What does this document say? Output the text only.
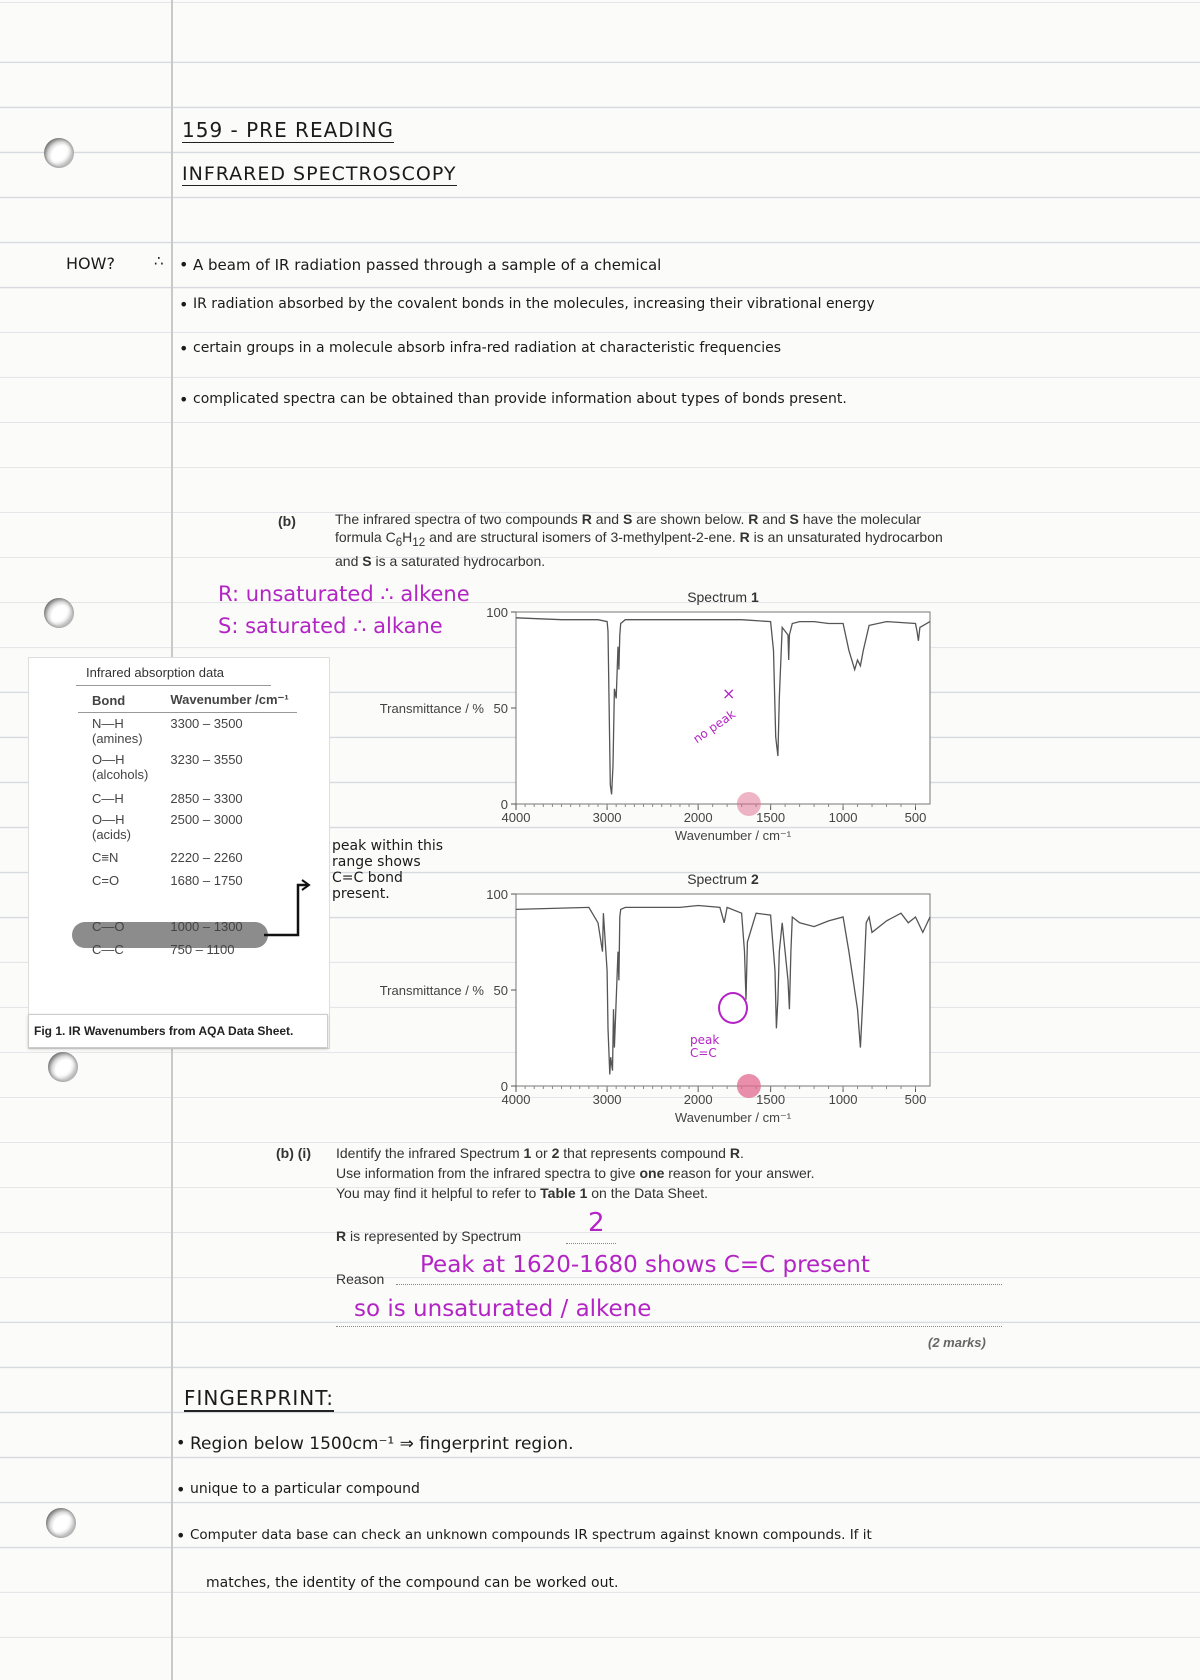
159 - PRE READING
INFRARED SPECTROSCOPY
HOW?	∴ • A beam of IR radiation passed through a sample of a chemical
• IR radiation absorbed by the covalent bonds in the molecules, increasing their vibrational energy
• certain groups in a molecule absorb infra-red radiation at characteristic frequencies
• complicated spectra can be obtained than provide information about types of bonds present.
(b)	The infrared spectra of two compounds R and S are shown below. R and S have the molecular formula $C_6H_{12}$ and are structural isomers of 3-methylpent-2-ene. R is an unsaturated hydrocarbon and S is a saturated hydrocarbon.
R: unsaturated ∴ alkene
S: saturated ∴ alkane
Infrared absorption data
Bond	Wavenumber /cm⁻¹

N—H
(amines)	3300 – 3500

O—H
(alcohols)	3230 – 3550
C—H	2850 – 3300

O—H
(acids)	2500 – 3000
C≡N	2220 – 2260
C=O	1680 – 1750
C=C	1620 – 1680
C—O	1000 – 1300
C—C	750 – 1100
Fig 1. IR Wavenumbers from AQA Data Sheet.
peak within this range shows C=C bond present.
Spectrum 1
0
50
100
Transmittance / %
4000	3000	2000	1500	1000	500
Wavenumber / cm⁻¹
Spectrum 2
0
50
100
Transmittance / %
4000	3000	2000	1500	1000	500
Wavenumber / cm⁻¹
×
no peak
peak C=C
(b) (i) Identify the infrared Spectrum 1 or 2 that represents compound R.
Use information from the infrared spectra to give one reason for your answer.
You may find it helpful to refer to Table 1 on the Data Sheet.
R is represented by Spectrum	2
Reason
Peak at 1620-1680 shows C=C present
so is unsaturated / alkene
(2 marks)
FINGERPRINT:
• Region below 1500cm⁻¹ ⇒ fingerprint region.
• unique to a particular compound
• Computer data base can check an unknown compounds IR spectrum against known compounds. If it
matches, the identity of the compound can be worked out.
